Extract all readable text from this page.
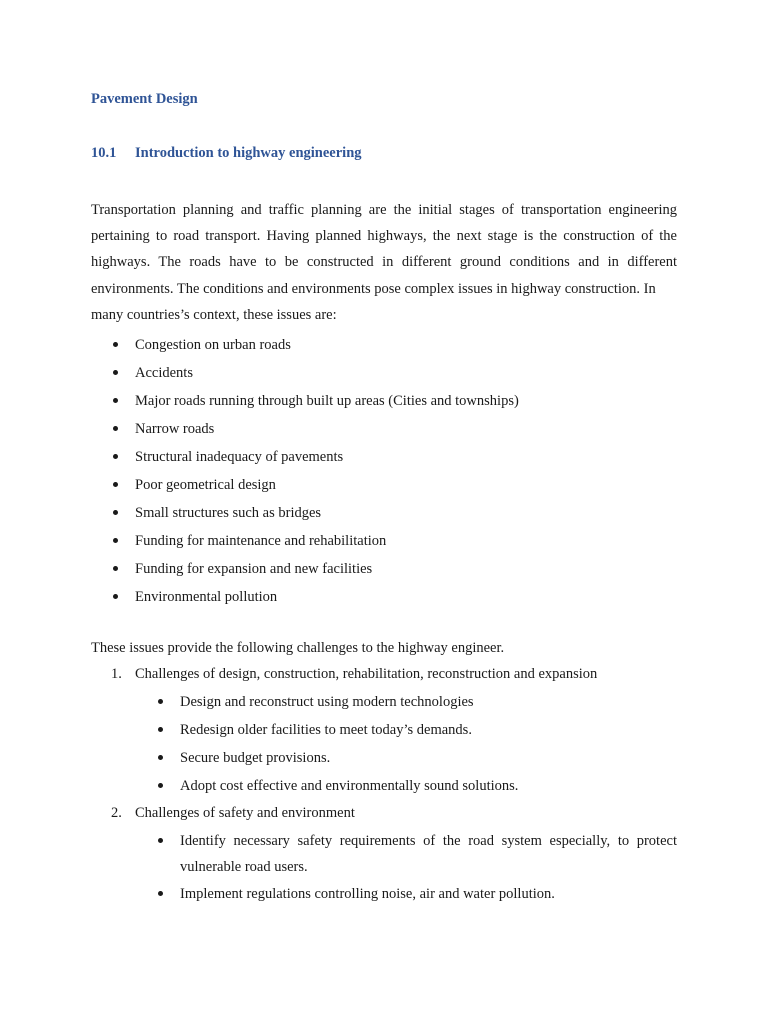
Pavement Design
10.1 Introduction to highway engineering
Transportation planning and traffic planning are the initial stages of transportation engineering pertaining to road transport. Having planned highways, the next stage is the construction of the highways. The roads have to be constructed in different ground conditions and in different environments. The conditions and environments pose complex issues in highway construction. In
many countries’s context, these issues are:
Congestion on urban roads
Accidents
Major roads running through built up areas (Cities and townships)
Narrow roads
Structural inadequacy of pavements
Poor geometrical design
Small structures such as bridges
Funding for maintenance and rehabilitation
Funding for expansion and new facilities
Environmental pollution
These issues provide the following challenges to the highway engineer.
1. Challenges of design, construction, rehabilitation, reconstruction and expansion
Design and reconstruct using modern technologies
Redesign older facilities to meet today’s demands.
Secure budget provisions.
Adopt cost effective and environmentally sound solutions.
2. Challenges of safety and environment
Identify necessary safety requirements of the road system especially, to protect vulnerable road users.
Implement regulations controlling noise, air and water pollution.
